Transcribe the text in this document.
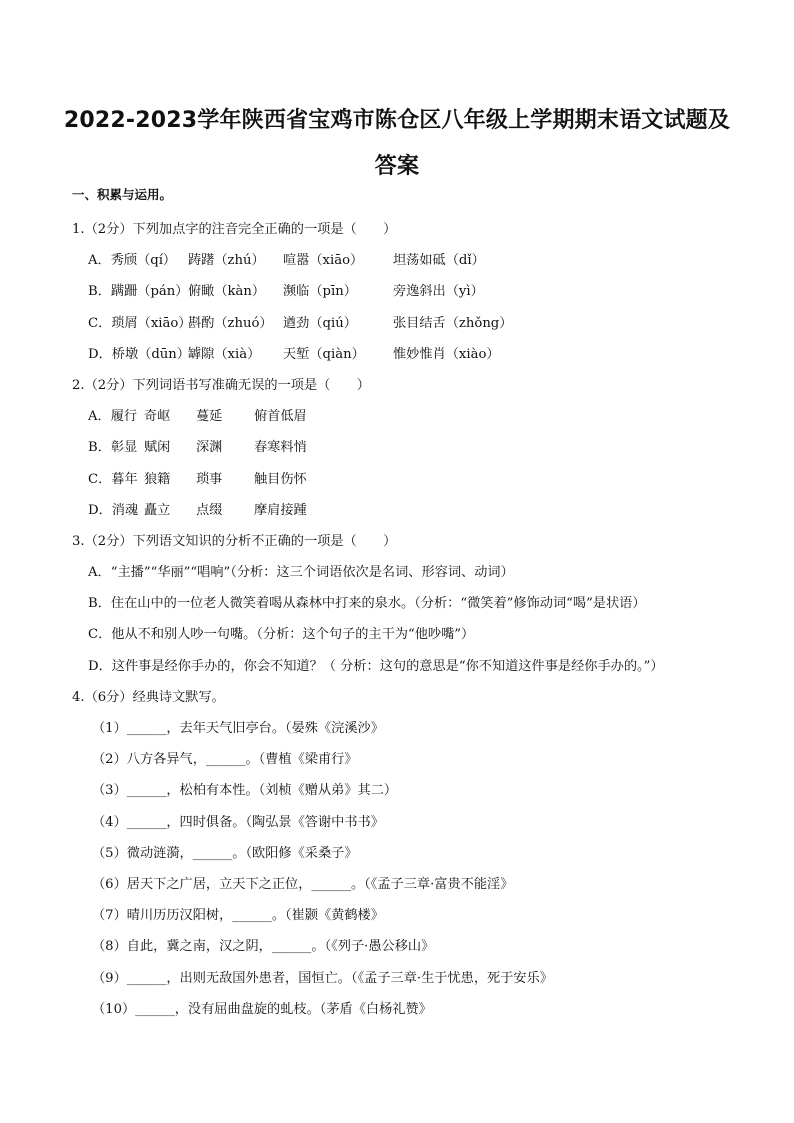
2022-2023学年陕西省宝鸡市陈仓区八年级上学期期末语文试题及答案
一、积累与运用。
1.（2分）下列加点字的注音完全正确的一项是（　　）
A．秀颀（qí） 踌躇（zhú） 喧嚣（xiāo） 坦荡如砥（dǐ）
B．蹒跚（pán）俯瞰（kàn） 濒临（pīn）	旁逸斜出（yì）
C．琐屑（xiāo）斟酌（zhuó） 遒劲（qiú）	张目结舌（zhǒng）
D．桥墩（dūn）罅隙（xià） 天堑（qiàn） 惟妙惟肖（xiào）
2.（2分）下列词语书写准确无误的一项是（　　）
A．履行 奇岖 蔓延 俯首低眉
B．彰显 赋闲 深渊 春寒料悄
C．暮年 狼籍 琐事 触目伤怀
D．消魂 矗立 点缀 摩肩接踵
3.（2分）下列语文知识的分析不正确的一项是（　　）
A．“主播”“华丽”“唱响”（分析：这三个词语依次是名词、形容词、动词）
B．住在山中的一位老人微笑着喝从森林中打来的泉水。（分析：“微笑着”修饰动词“喝”是状语）
C．他从不和别人吵一句嘴。（分析：这个句子的主干为“他吵嘴”）
D．这件事是经你手办的，你会不知道？（ 分析：这句的意思是“你不知道这件事是经你手办的。”）
4.（6分）经典诗文默写。
（1）______，去年天气旧亭台。（晏殊《浣溪沙》
（2）八方各异气，______。（曹植《梁甫行》
（3）______，松柏有本性。（刘桢《赠从弟》其二）
（4）______，四时俱备。（陶弘景《答谢中书书》
（5）微动涟漪，______。（欧阳修《采桑子》
（6）居天下之广居，立天下之正位，______。（《孟子三章·富贵不能淫》
（7）晴川历历汉阳树，______。（崔颢《黄鹤楼》
（8）自此，冀之南，汉之阴，______。（《列子·愚公移山》
（9）______，出则无敌国外患者，国恒亡。（《孟子三章·生于忧患，死于安乐》
（10）______，没有屈曲盘旋的虬枝。（茅盾《白杨礼赞》
